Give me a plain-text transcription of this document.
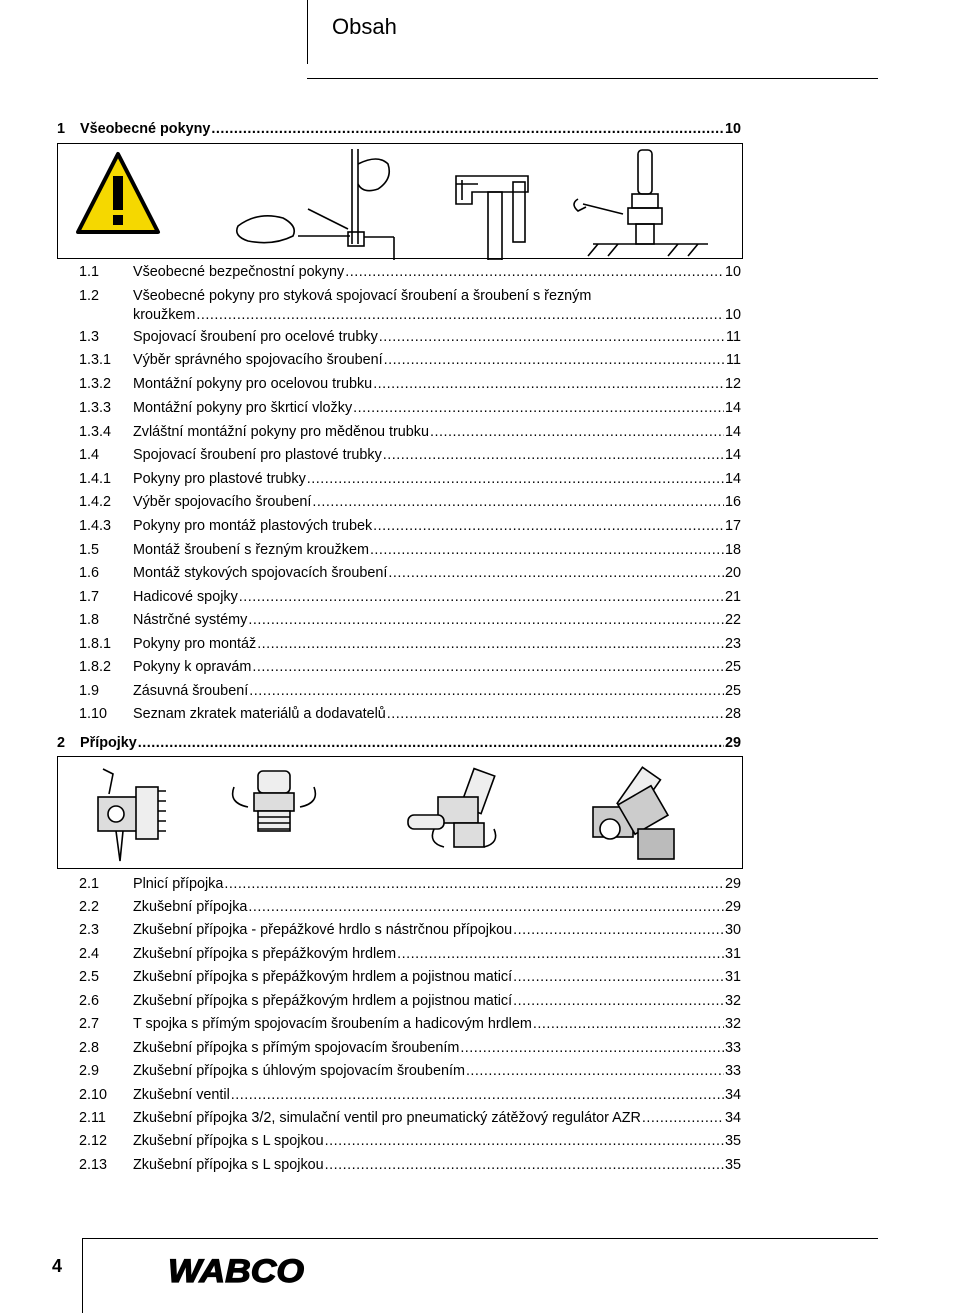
Obsah
1	Všeobecné pokyny .....	10
1.1	Všeobecné bezpečnostní pokyny .....	10
1.2	Všeobecné pokyny pro styková spojovací šroubení a šroubení s řezným
kroužkem .....	10
1.3	Spojovací šroubení pro ocelové trubky .....	11
1.3.1	Výběr správného spojovacího šroubení .....	11
1.3.2	Montážní pokyny pro ocelovou trubku .....	12
1.3.3	Montážní pokyny pro škrticí vložky .....	14
1.3.4	Zvláštní montážní pokyny pro měděnou trubku .....	14
1.4	Spojovací šroubení pro plastové trubky .....	14
1.4.1	Pokyny pro plastové trubky .....	14
1.4.2	Výběr spojovacího šroubení .....	16
1.4.3	Pokyny pro montáž plastových trubek .....	17
1.5	Montáž šroubení s řezným kroužkem .....	18
1.6	Montáž stykových spojovacích šroubení .....	20
1.7	Hadicové spojky .....	21
1.8	Nástrčné systémy .....	22
1.8.1	Pokyny pro montáž .....	23
1.8.2	Pokyny k opravám .....	25
1.9	Zásuvná šroubení .....	25
1.10	Seznam zkratek materiálů a dodavatelů .....	28
2	Přípojky .....	29
2.1	Plnicí přípojka .....	29
2.2	Zkušební přípojka .....	29
2.3	Zkušební přípojka - přepážkové hrdlo s nástrčnou přípojkou .....	30
2.4	Zkušební přípojka s přepážkovým hrdlem .....	31
2.5	Zkušební přípojka s přepážkovým hrdlem a pojistnou maticí .....	31
2.6	Zkušební přípojka s přepážkovým hrdlem a pojistnou maticí .....	32
2.7	T spojka s přímým spojovacím šroubením a hadicovým hrdlem .....	32
2.8	Zkušební přípojka s přímým spojovacím šroubením .....	33
2.9	Zkušební přípojka s úhlovým spojovacím šroubením .....	33
2.10	Zkušební ventil .....	34
2.11	Zkušební přípojka 3/2, simulační ventil pro pneumatický zátěžový regulátor AZR .....	34
2.12	Zkušební přípojka s L spojkou .....	35
2.13	Zkušební přípojka s L spojkou .....	35
4	WABCO
